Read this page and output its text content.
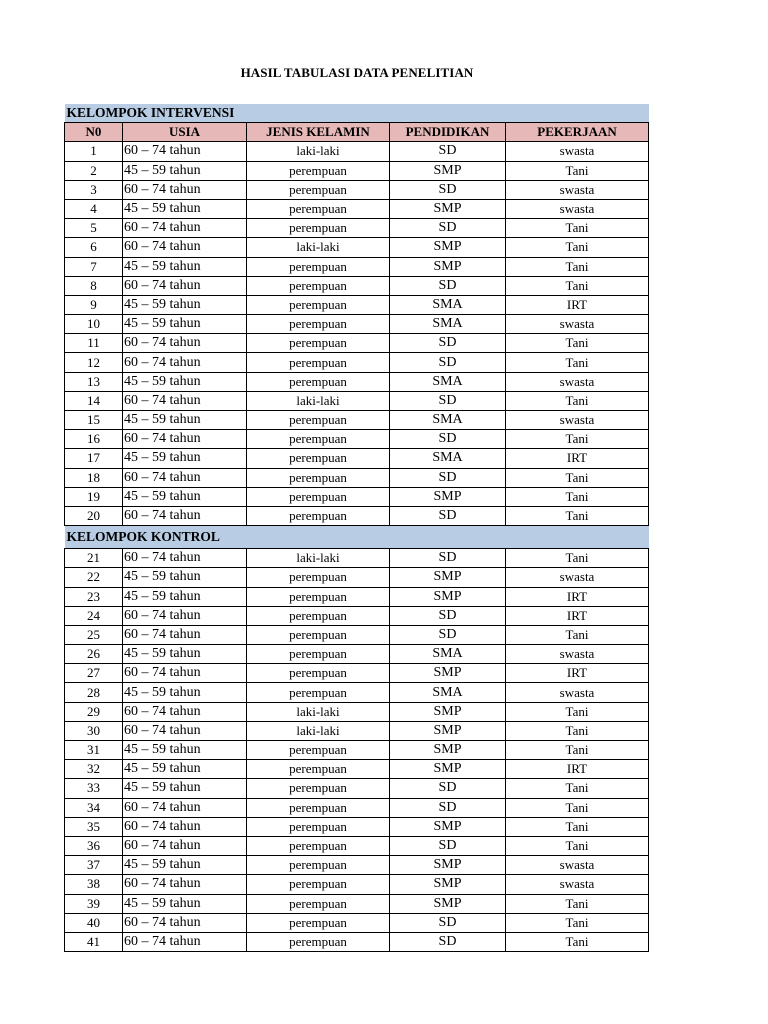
HASIL TABULASI DATA PENELITIAN
KELOMPOK INTERVENSI				
N0	USIA	JENIS KELAMIN	PENDIDIKAN	PEKERJAAN
1	60 – 74 tahun	laki-laki	SD	swasta
2	45 – 59 tahun	perempuan	SMP	Tani
3	60 – 74 tahun	perempuan	SD	swasta
4	45 – 59 tahun	perempuan	SMP	swasta
5	60 – 74 tahun	perempuan	SD	Tani
6	60 – 74 tahun	laki-laki	SMP	Tani
7	45 – 59 tahun	perempuan	SMP	Tani
8	60 – 74 tahun	perempuan	SD	Tani
9	45 – 59 tahun	perempuan	SMA	IRT
10	45 – 59 tahun	perempuan	SMA	swasta
11	60 – 74 tahun	perempuan	SD	Tani
12	60 – 74 tahun	perempuan	SD	Tani
13	45 – 59 tahun	perempuan	SMA	swasta
14	60 – 74 tahun	laki-laki	SD	Tani
15	45 – 59 tahun	perempuan	SMA	swasta
16	60 – 74 tahun	perempuan	SD	Tani
17	45 – 59 tahun	perempuan	SMA	IRT
18	60 – 74 tahun	perempuan	SD	Tani
19	45 – 59 tahun	perempuan	SMP	Tani
20	60 – 74 tahun	perempuan	SD	Tani
KELOMPOK KONTROL				
21	60 – 74 tahun	laki-laki	SD	Tani
22	45 – 59 tahun	perempuan	SMP	swasta
23	45 – 59 tahun	perempuan	SMP	IRT
24	60 – 74 tahun	perempuan	SD	IRT
25	60 – 74 tahun	perempuan	SD	Tani
26	45 – 59 tahun	perempuan	SMA	swasta
27	60 – 74 tahun	perempuan	SMP	IRT
28	45 – 59 tahun	perempuan	SMA	swasta
29	60 – 74 tahun	laki-laki	SMP	Tani
30	60 – 74 tahun	laki-laki	SMP	Tani
31	45 – 59 tahun	perempuan	SMP	Tani
32	45 – 59 tahun	perempuan	SMP	IRT
33	45 – 59 tahun	perempuan	SD	Tani
34	60 – 74 tahun	perempuan	SD	Tani
35	60 – 74 tahun	perempuan	SMP	Tani
36	60 – 74 tahun	perempuan	SD	Tani
37	45 – 59 tahun	perempuan	SMP	swasta
38	60 – 74 tahun	perempuan	SMP	swasta
39	45 – 59 tahun	perempuan	SMP	Tani
40	60 – 74 tahun	perempuan	SD	Tani
41	60 – 74 tahun	perempuan	SD	Tani
